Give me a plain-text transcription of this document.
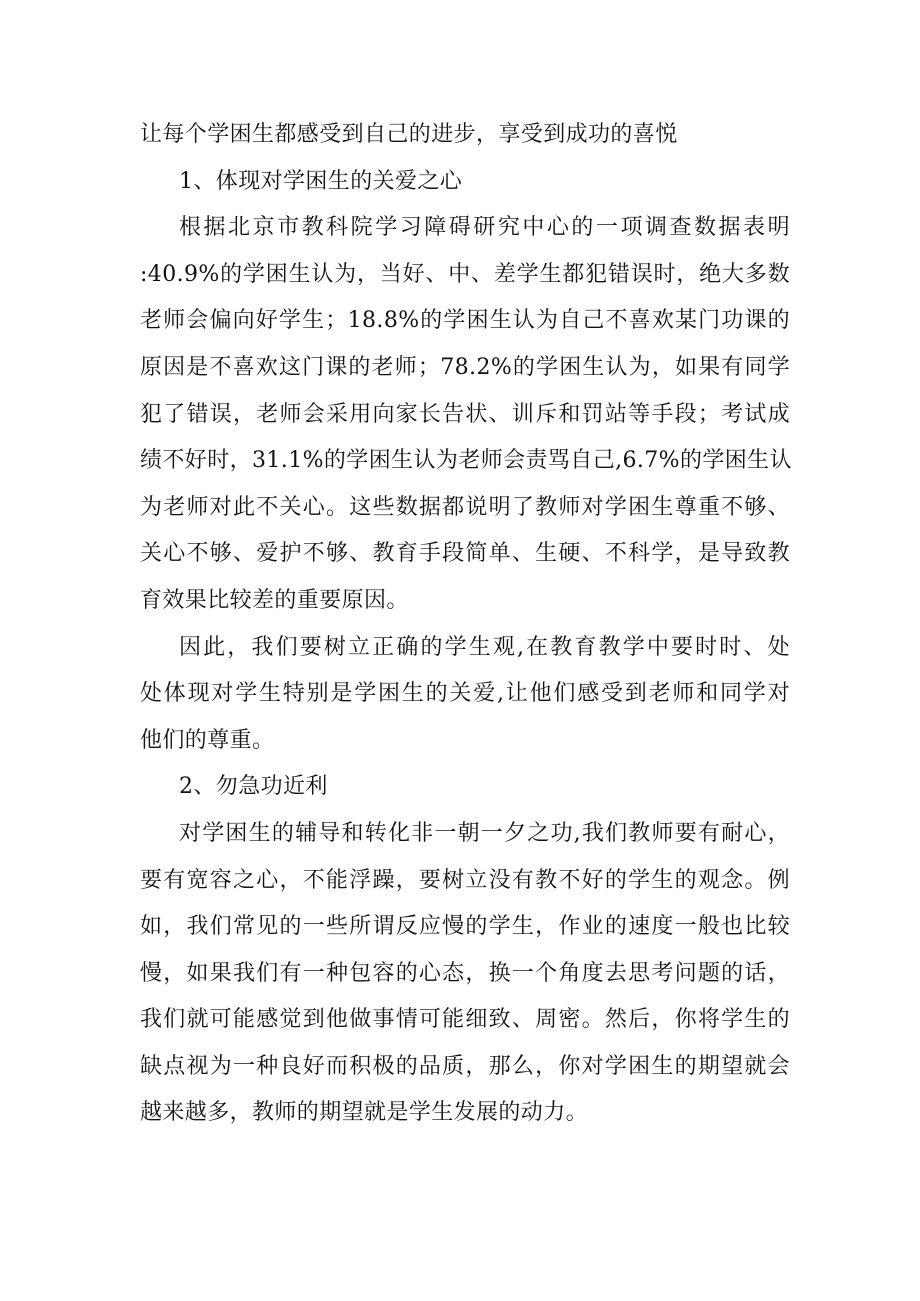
让每个学困生都感受到自己的进步，享受到成功的喜悦
1、体现对学困生的关爱之心
根据北京市教科院学习障碍研究中心的一项调查数据表明
:40.9%的学困生认为，当好、中、差学生都犯错误时，绝大多数
老师会偏向好学生；18.8%的学困生认为自己不喜欢某门功课的
原因是不喜欢这门课的老师；78.2%的学困生认为，如果有同学
犯了错误，老师会采用向家长告状、训斥和罚站等手段；考试成
绩不好时，31.1%的学困生认为老师会责骂自己,6.7%的学困生认
为老师对此不关心。这些数据都说明了教师对学困生尊重不够、
关心不够、爱护不够、教育手段简单、生硬、不科学，是导致教
育效果比较差的重要原因。
因此，我们要树立正确的学生观,在教育教学中要时时、处
处体现对学生特别是学困生的关爱,让他们感受到老师和同学对
他们的尊重。
2、勿急功近利
对学困生的辅导和转化非一朝一夕之功,我们教师要有耐心，
要有宽容之心，不能浮躁，要树立没有教不好的学生的观念。例
如，我们常见的一些所谓反应慢的学生，作业的速度一般也比较
慢，如果我们有一种包容的心态，换一个角度去思考问题的话，
我们就可能感觉到他做事情可能细致、周密。然后，你将学生的
缺点视为一种良好而积极的品质，那么，你对学困生的期望就会
越来越多，教师的期望就是学生发展的动力。
